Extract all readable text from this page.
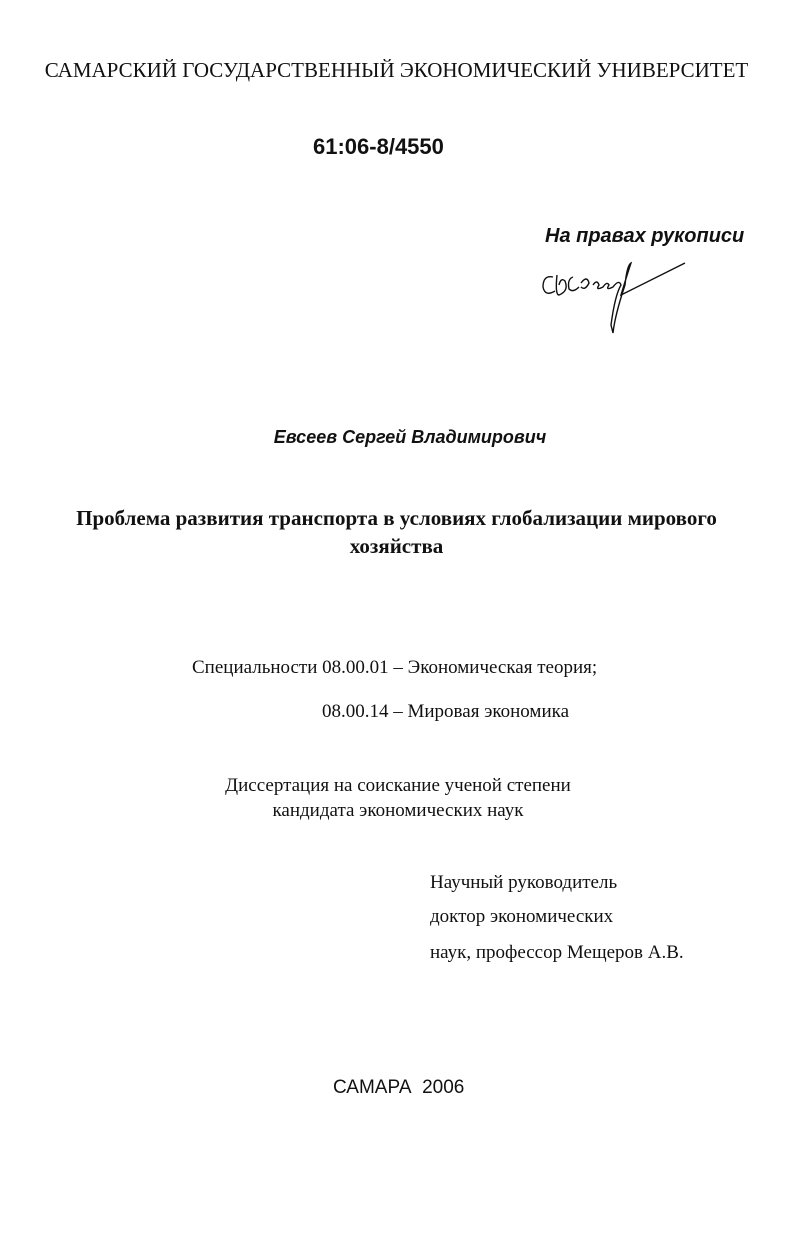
САМАРСКИЙ ГОСУДАРСТВЕННЫЙ ЭКОНОМИЧЕСКИЙ УНИВЕРСИТЕТ
61:06-8/4550
На правах рукописи
Евсеев Сергей Владимирович
Проблема развития транспорта в условиях глобализации мирового
хозяйства
Специальности 08.00.01 – Экономическая теория;
08.00.14 – Мировая экономика
Диссертация на соискание ученой степени
кандидата экономических наук
Научный руководитель
доктор экономических
наук, профессор Мещеров А.В.
САМАРА  2006
